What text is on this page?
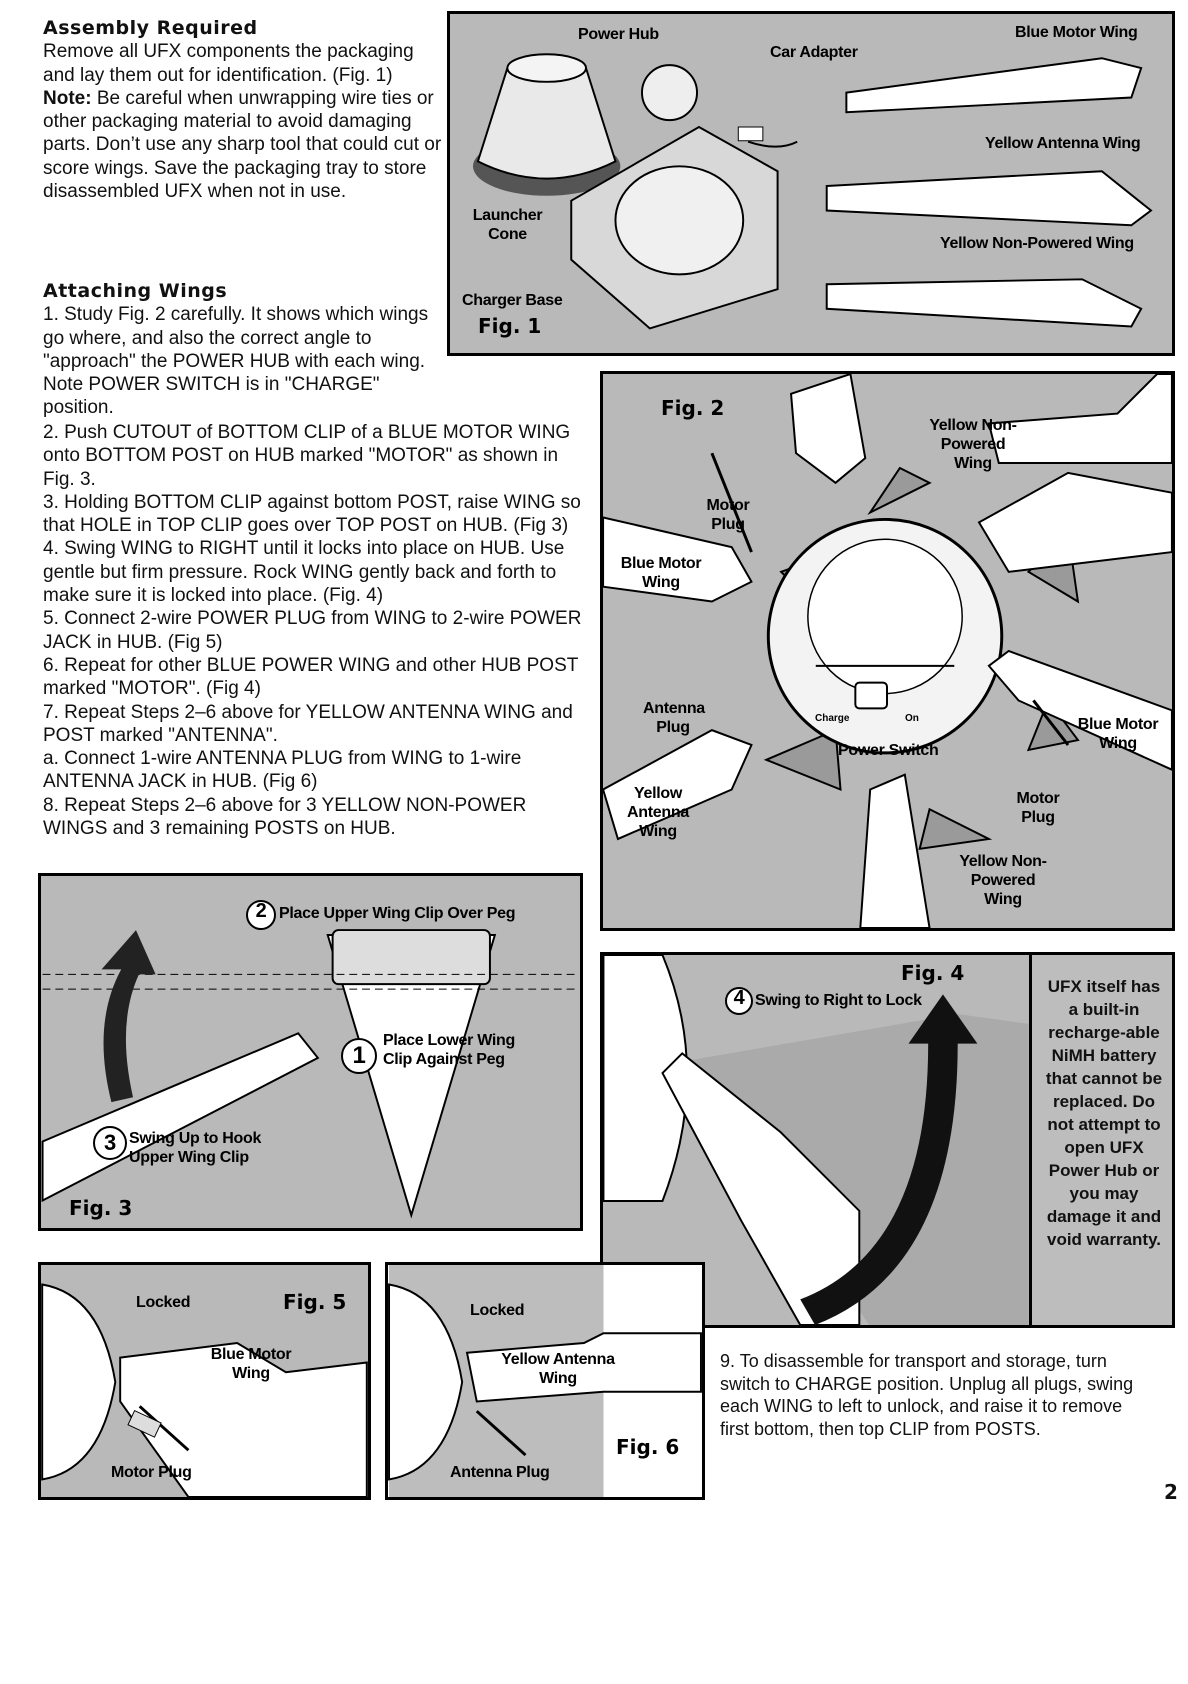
Assembly Required

Remove all UFX components the packaging and lay them out for identification. (Fig. 1)
Note: Be careful when unwrapping wire ties or other packaging material to avoid damaging parts. Don’t use any sharp tool that could cut or score wings. Save the packaging tray to store disassembled UFX when not in use.

Attaching Wings

1. Study Fig. 2 carefully. It shows which wings go where, and also the correct angle to "approach" the POWER HUB with each wing. Note POWER SWITCH is in "CHARGE" position.

2. Push CUTOUT of BOTTOM CLIP of a BLUE MOTOR WING onto BOTTOM POST on HUB marked "MOTOR" as shown in Fig. 3.

3. Holding BOTTOM CLIP against bottom POST, raise WING so that HOLE in TOP CLIP goes over TOP POST on HUB. (Fig 3)

4. Swing WING to RIGHT until it locks into place on HUB. Use gentle but firm pressure. Rock WING gently back and forth to make sure it is locked into place. (Fig. 4)

5. Connect 2-wire POWER PLUG from WING to 2-wire POWER JACK in HUB. (Fig 5)

6. Repeat for other BLUE POWER WING and other HUB POST marked "MOTOR". (Fig 4)

7. Repeat Steps 2–6 above for YELLOW ANTENNA WING and POST marked "ANTENNA".

a. Connect 1-wire ANTENNA PLUG from WING to 1-wire ANTENNA JACK in HUB. (Fig 6)

8. Repeat Steps 2–6 above for 3 YELLOW NON-POWER WINGS and 3 remaining POSTS on HUB.

Power Hub
Car Adapter
Blue Motor Wing
Yellow Antenna Wing
Yellow Non-Powered Wing
Launcher Cone
Charger Base
Fig. 1
Fig. 2
Yellow Non-Powered Wing
Motor Plug
Blue Motor Wing
Antenna Plug
Yellow Antenna Wing
Power Switch
Charge	On	Blue Motor Wing
Motor Plug
Yellow Non-Powered Wing
2 Place Upper Wing Clip Over Peg
1
Place Lower Wing Clip Against Peg
3 Swing Up to Hook Upper Wing Clip
Fig. 3
Fig. 4
4 Swing to Right to Lock
UFX itself has a built-in recharge-able NiMH battery that cannot be replaced. Do not attempt to open UFX Power Hub or you may damage it and void warranty.
Locked	Fig. 5
Blue Motor Wing
Motor Plug
Locked
Yellow Antenna Wing
Antenna Plug
Fig. 6
9. To disassemble for transport and storage, turn switch to CHARGE position. Unplug all plugs, swing each WING to left to unlock, and raise it to remove first bottom, then top CLIP from POSTS.
2
